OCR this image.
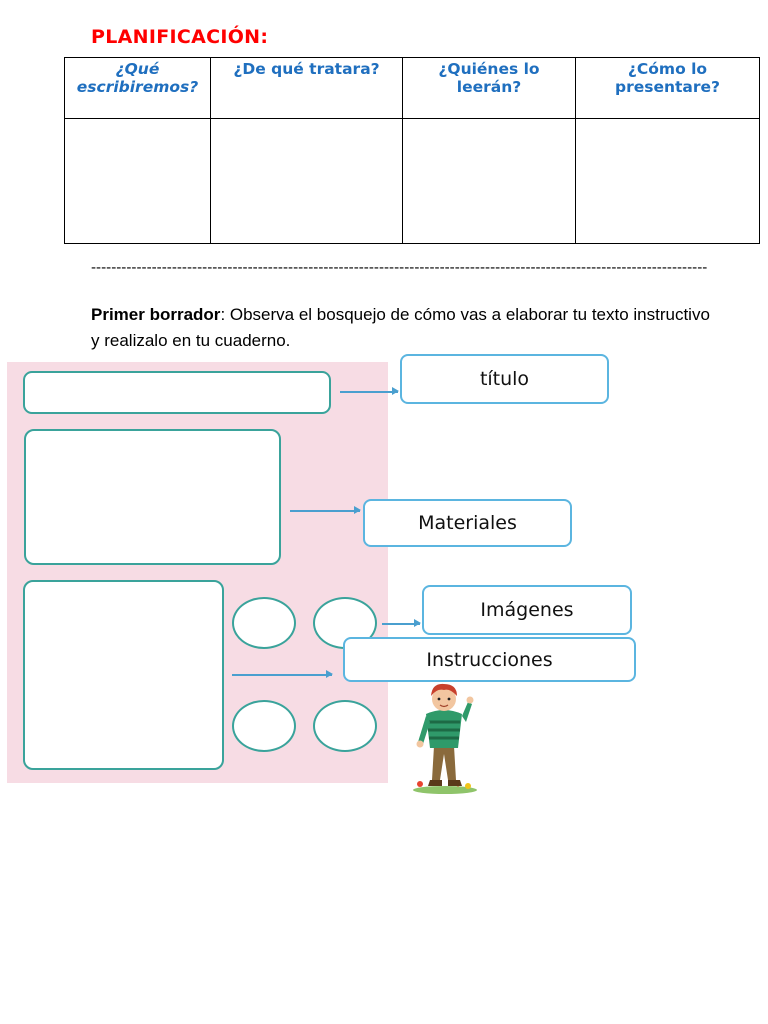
PLANIFICACIÓN:
¿Qué escribiremos?	¿De qué tratara?	¿Quiénes lo leerán?	¿Cómo lo presentare?

--------------------------------------------------------------------------------------------------------------------------
Primer borrador: Observa el bosquejo de cómo vas a elaborar tu texto instructivo y realizalo en tu cuaderno.
título
Materiales
Imágenes
Instrucciones
